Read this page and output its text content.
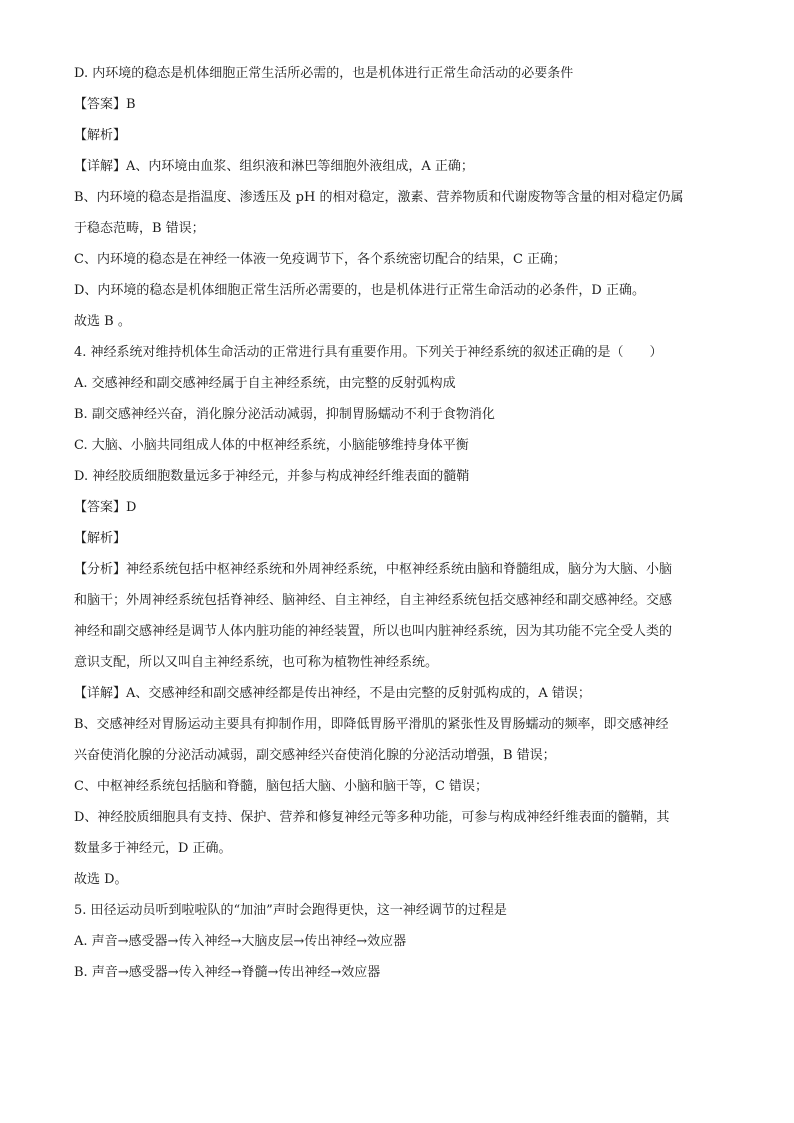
D. 内环境的稳态是机体细胞正常生活所必需的，也是机体进行正常生命活动的必要条件

【答案】B

【解析】

【详解】A、内环境由血浆、组织液和淋巴等细胞外液组成，A 正确；

B、内环境的稳态是指温度、渗透压及 pH 的相对稳定，激素、营养物质和代谢废物等含量的相对稳定仍属

于稳态范畴，B 错误；

C、内环境的稳态是在神经一体液一免疫调节下，各个系统密切配合的结果，C 正确；

D、内环境的稳态是机体细胞正常生活所必需要的，也是机体进行正常生命活动的必条件，D 正确。

故选 B 。

4. 神经系统对维持机体生命活动的正常进行具有重要作用。下列关于神经系统的叙述正确的是（　　）

A. 交感神经和副交感神经属于自主神经系统，由完整的反射弧构成

B. 副交感神经兴奋，消化腺分泌活动减弱，抑制胃肠蠕动不利于食物消化

C. 大脑、小脑共同组成人体的中枢神经系统，小脑能够维持身体平衡

D. 神经胶质细胞数量远多于神经元，并参与构成神经纤维表面的髓鞘

【答案】D

【解析】

【分析】神经系统包括中枢神经系统和外周神经系统，中枢神经系统由脑和脊髓组成，脑分为大脑、小脑

和脑干；外周神经系统包括脊神经、脑神经、自主神经，自主神经系统包括交感神经和副交感神经。交感

神经和副交感神经是调节人体内脏功能的神经装置，所以也叫内脏神经系统，因为其功能不完全受人类的

意识支配，所以又叫自主神经系统，也可称为植物性神经系统。

【详解】A、交感神经和副交感神经都是传出神经，不是由完整的反射弧构成的，A 错误；

B、交感神经对胃肠运动主要具有抑制作用，即降低胃肠平滑肌的紧张性及胃肠蠕动的频率，即交感神经

兴奋使消化腺的分泌活动减弱，副交感神经兴奋使消化腺的分泌活动增强，B 错误；

C、中枢神经系统包括脑和脊髓，脑包括大脑、小脑和脑干等，C 错误；

D、神经胶质细胞具有支持、保护、营养和修复神经元等多种功能，可参与构成神经纤维表面的髓鞘，其

数量多于神经元，D 正确。

故选 D。

5. 田径运动员听到啦啦队的“加油”声时会跑得更快，这一神经调节的过程是

A. 声音→感受器→传入神经→大脑皮层→传出神经→效应器

B. 声音→感受器→传入神经→脊髓→传出神经→效应器
